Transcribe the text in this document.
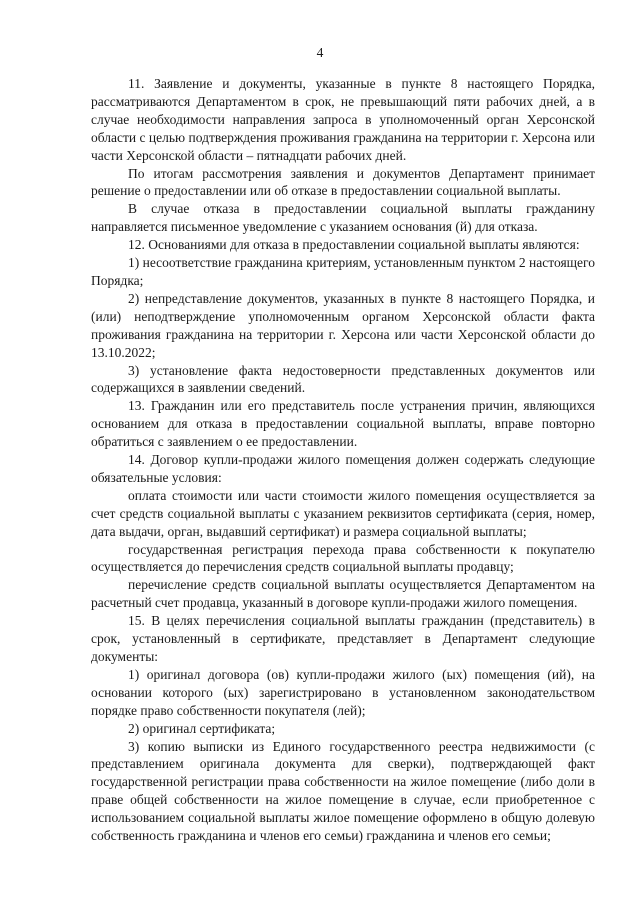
4

11. Заявление и документы, указанные в пункте 8 настоящего Порядка, рассматриваются Департаментом в срок, не превышающий пяти рабочих дней, а в случае необходимости направления запроса в уполномоченный орган Херсонской области с целью подтверждения проживания гражданина на территории г. Херсона или части Херсонской области – пятнадцати рабочих дней.

По итогам рассмотрения заявления и документов Департамент принимает решение о предоставлении или об отказе в предоставлении социальной выплаты.

В случае отказа в предоставлении социальной выплаты гражданину направляется письменное уведомление с указанием основания (й) для отказа.

12. Основаниями для отказа в предоставлении социальной выплаты являются:

1) несоответствие гражданина критериям, установленным пунктом 2 настоящего Порядка;

2) непредставление документов, указанных в пункте 8 настоящего Порядка, и (или) неподтверждение уполномоченным органом Херсонской области факта проживания гражданина на территории г. Херсона или части Херсонской области до 13.10.2022;

3) установление факта недостоверности представленных документов или содержащихся в заявлении сведений.

13. Гражданин или его представитель после устранения причин, являющихся основанием для отказа в предоставлении социальной выплаты, вправе повторно обратиться с заявлением о ее предоставлении.

14. Договор купли-продажи жилого помещения должен содержать следующие обязательные условия:

оплата стоимости или части стоимости жилого помещения осуществляется за счет средств социальной выплаты с указанием реквизитов сертификата (серия, номер, дата выдачи, орган, выдавший сертификат) и размера социальной выплаты;

государственная регистрация перехода права собственности к покупателю осуществляется до перечисления средств социальной выплаты продавцу;

перечисление средств социальной выплаты осуществляется Департаментом на расчетный счет продавца, указанный в договоре купли-продажи жилого помещения.

15. В целях перечисления социальной выплаты гражданин (представитель) в срок, установленный в сертификате, представляет в Департамент следующие документы:

1) оригинал договора (ов) купли-продажи жилого (ых) помещения (ий), на основании которого (ых) зарегистрировано в установленном законодательством порядке право собственности покупателя (лей);

2) оригинал сертификата;

3) копию выписки из Единого государственного реестра недвижимости (с представлением оригинала документа для сверки), подтверждающей факт государственной регистрации права собственности на жилое помещение (либо доли в праве общей собственности на жилое помещение в случае, если приобретенное с использованием социальной выплаты жилое помещение оформлено в общую долевую собственность гражданина и членов его семьи) гражданина и членов его семьи;
